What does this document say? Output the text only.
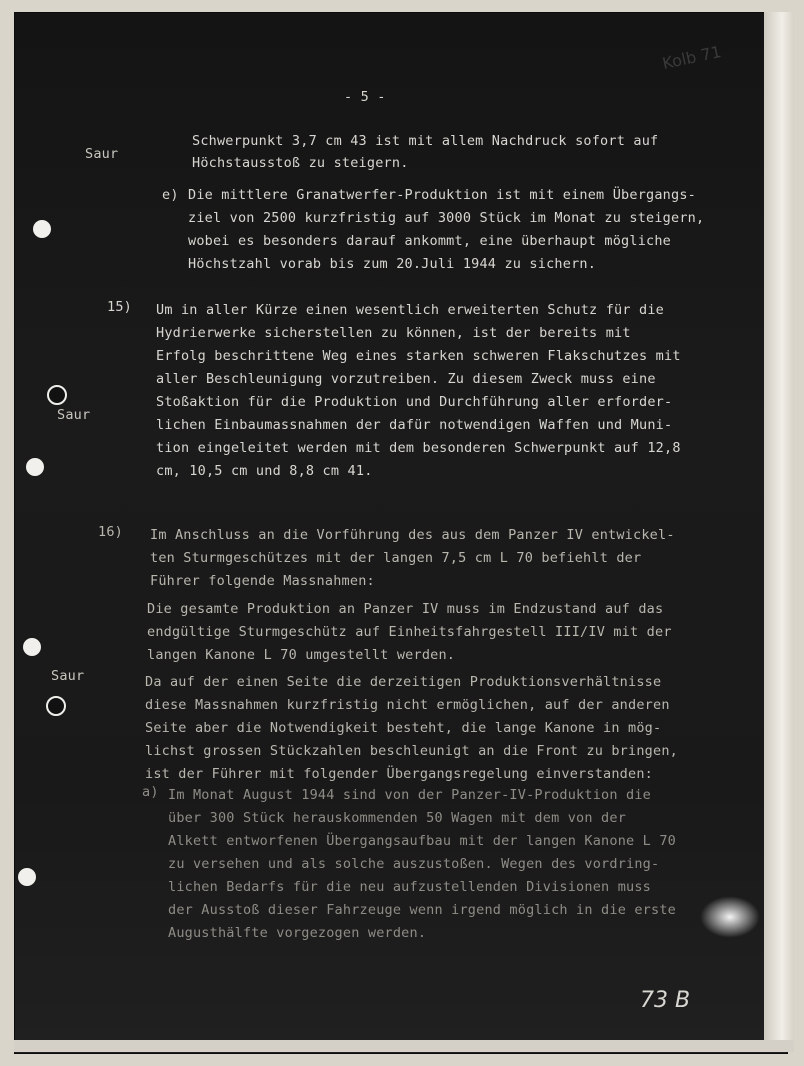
Kolb 71
- 5 -
Saur
Schwerpunkt 3,7 cm 43 ist mit allem Nachdruck sofort auf
Höchstausstoß zu steigern.
e) Die mittlere Granatwerfer-Produktion ist mit einem Übergangs-
ziel von 2500 kurzfristig auf 3000 Stück im Monat zu steigern,
wobei es besonders darauf ankommt, eine überhaupt mögliche
Höchstzahl vorab bis zum 20.Juli 1944 zu sichern.
15)
Saur
Um in aller Kürze einen wesentlich erweiterten Schutz für die
Hydrierwerke sicherstellen zu können, ist der bereits mit
Erfolg beschrittene Weg eines starken schweren Flakschutzes mit
aller Beschleunigung vorzutreiben. Zu diesem Zweck muss eine
Stoßaktion für die Produktion und Durchführung aller erforder-
lichen Einbaumassnahmen der dafür notwendigen Waffen und Muni-
tion eingeleitet werden mit dem besonderen Schwerpunkt auf 12,8
cm, 10,5 cm und 8,8 cm 41.
16) Im Anschluss an die Vorführung des aus dem Panzer IV entwickel-
ten Sturmgeschützes mit der langen 7,5 cm L 70 befiehlt der
Führer folgende Massnahmen:
Die gesamte Produktion an Panzer IV muss im Endzustand auf das
endgültige Sturmgeschütz auf Einheitsfahrgestell III/IV mit der
langen Kanone L 70 umgestellt werden.
Saur	Da auf der einen Seite die derzeitigen Produktionsverhältnisse
diese Massnahmen kurzfristig nicht ermöglichen, auf der anderen
Seite aber die Notwendigkeit besteht, die lange Kanone in mög-
lichst grossen Stückzahlen beschleunigt an die Front zu bringen,
ist der Führer mit folgender Übergangsregelung einverstanden:
a) Im Monat August 1944 sind von der Panzer-IV-Produktion die
über 300 Stück herauskommenden 50 Wagen mit dem von der
Alkett entworfenen Übergangsaufbau mit der langen Kanone L 70
zu versehen und als solche auszustoßen. Wegen des vordring-
lichen Bedarfs für die neu aufzustellenden Divisionen muss
der Ausstoß dieser Fahrzeuge wenn irgend möglich in die erste
Augusthälfte vorgezogen werden.
73 B
